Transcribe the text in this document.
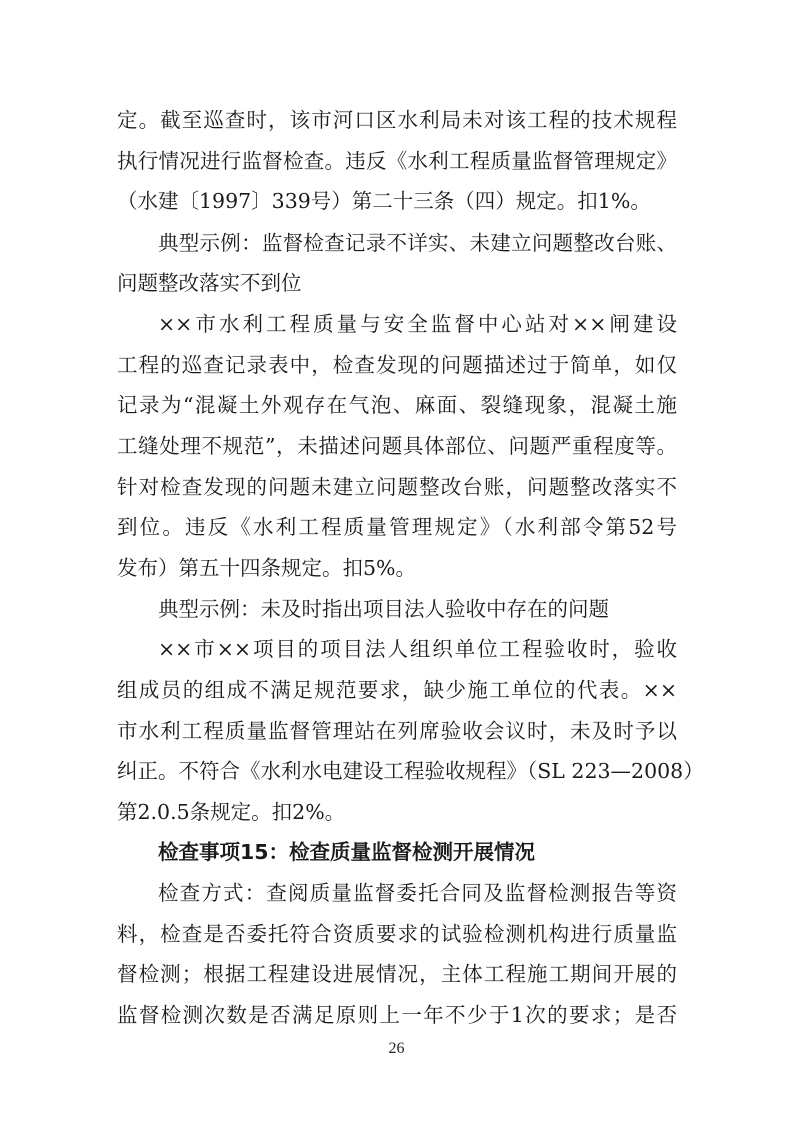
定。截至巡查时，该市河口区水利局未对该工程的技术规程
执行情况进行监督检查。违反《水利工程质量监督管理规定》
（水建〔1997〕339号）第二十三条（四）规定。扣1%。
典型示例：监督检查记录不详实、未建立问题整改台账、
问题整改落实不到位
××市水利工程质量与安全监督中心站对××闸建设
工程的巡查记录表中，检查发现的问题描述过于简单，如仅
记录为“混凝土外观存在气泡、麻面、裂缝现象，混凝土施
工缝处理不规范”，未描述问题具体部位、问题严重程度等。
针对检查发现的问题未建立问题整改台账，问题整改落实不
到位。违反《水利工程质量管理规定》（水利部令第52号
发布）第五十四条规定。扣5%。
典型示例：未及时指出项目法人验收中存在的问题
××市××项目的项目法人组织单位工程验收时，验收
组成员的组成不满足规范要求，缺少施工单位的代表。××
市水利工程质量监督管理站在列席验收会议时，未及时予以
纠正。不符合《水利水电建设工程验收规程》（SL 223—2008）
第2.0.5条规定。扣2%。
检查事项15：检查质量监督检测开展情况
检查方式：查阅质量监督委托合同及监督检测报告等资
料，检查是否委托符合资质要求的试验检测机构进行质量监
督检测；根据工程建设进展情况，主体工程施工期间开展的
监督检测次数是否满足原则上一年不少于1次的要求；是否
26
